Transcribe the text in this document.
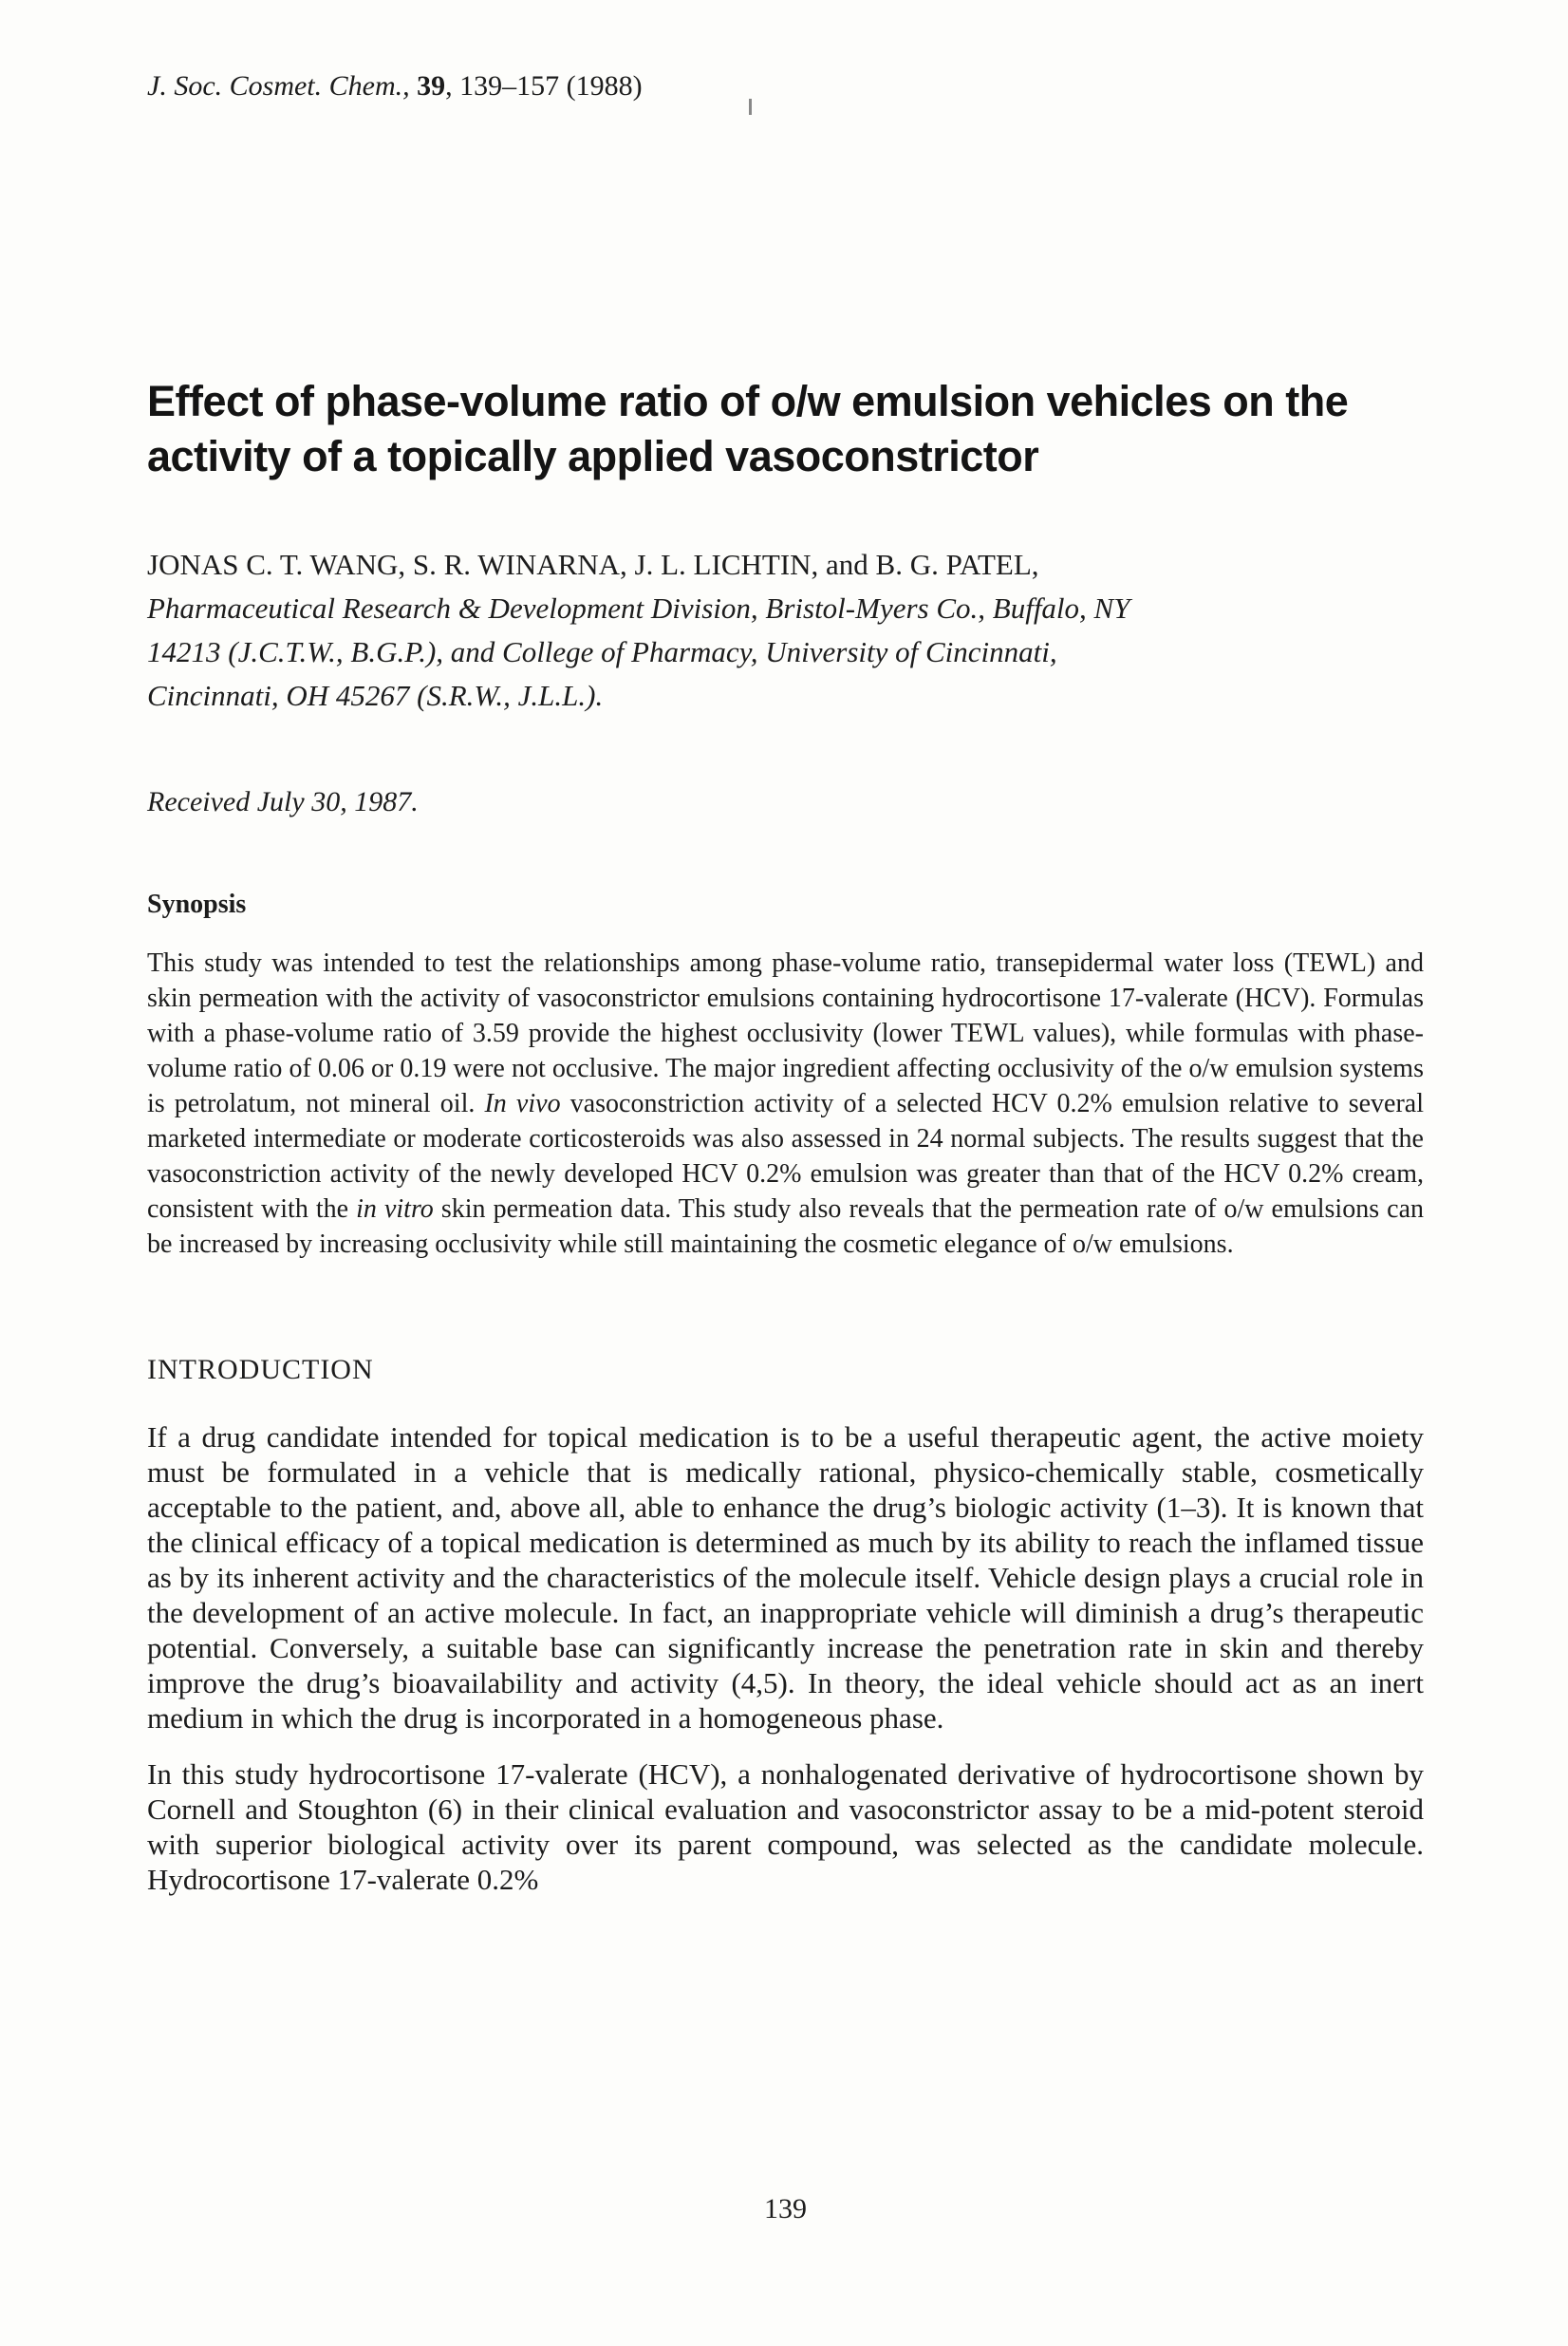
J. Soc. Cosmet. Chem., 39, 139–157 (1988)
Effect of phase-volume ratio of o/w emulsion vehicles on the activity of a topically applied vasoconstrictor

JONAS C. T. WANG, S. R. WINARNA, J. L. LICHTIN, and B. G. PATEL, Pharmaceutical Research & Development Division, Bristol-Myers Co., Buffalo, NY 14213 (J.C.T.W., B.G.P.), and College of Pharmacy, University of Cincinnati, Cincinnati, OH 45267 (S.R.W., J.L.L.).

Received July 30, 1987.

Synopsis

This study was intended to test the relationships among phase-volume ratio, transepidermal water loss (TEWL) and skin permeation with the activity of vasoconstrictor emulsions containing hydrocortisone 17-valerate (HCV). Formulas with a phase-volume ratio of 3.59 provide the highest occlusivity (lower TEWL values), while formulas with phase-volume ratio of 0.06 or 0.19 were not occlusive. The major ingredient affecting occlusivity of the o/w emulsion systems is petrolatum, not mineral oil. In vivo vasoconstriction activity of a selected HCV 0.2% emulsion relative to several marketed intermediate or moderate corticosteroids was also assessed in 24 normal subjects. The results suggest that the vasoconstriction activity of the newly developed HCV 0.2% emulsion was greater than that of the HCV 0.2% cream, consistent with the in vitro skin permeation data. This study also reveals that the permeation rate of o/w emulsions can be increased by increasing occlusivity while still maintaining the cosmetic elegance of o/w emulsions.

INTRODUCTION

If a drug candidate intended for topical medication is to be a useful therapeutic agent, the active moiety must be formulated in a vehicle that is medically rational, physico-chemically stable, cosmetically acceptable to the patient, and, above all, able to enhance the drug’s biologic activity (1–3). It is known that the clinical efficacy of a topical medication is determined as much by its ability to reach the inflamed tissue as by its inherent activity and the characteristics of the molecule itself. Vehicle design plays a crucial role in the development of an active molecule. In fact, an inappropriate vehicle will diminish a drug’s therapeutic potential. Conversely, a suitable base can significantly increase the penetration rate in skin and thereby improve the drug’s bioavailability and activity (4,5). In theory, the ideal vehicle should act as an inert medium in which the drug is incorporated in a homogeneous phase.

In this study hydrocortisone 17-valerate (HCV), a nonhalogenated derivative of hydrocortisone shown by Cornell and Stoughton (6) in their clinical evaluation and vasoconstrictor assay to be a mid-potent steroid with superior biological activity over its parent compound, was selected as the candidate molecule. Hydrocortisone 17-valerate 0.2%

139
